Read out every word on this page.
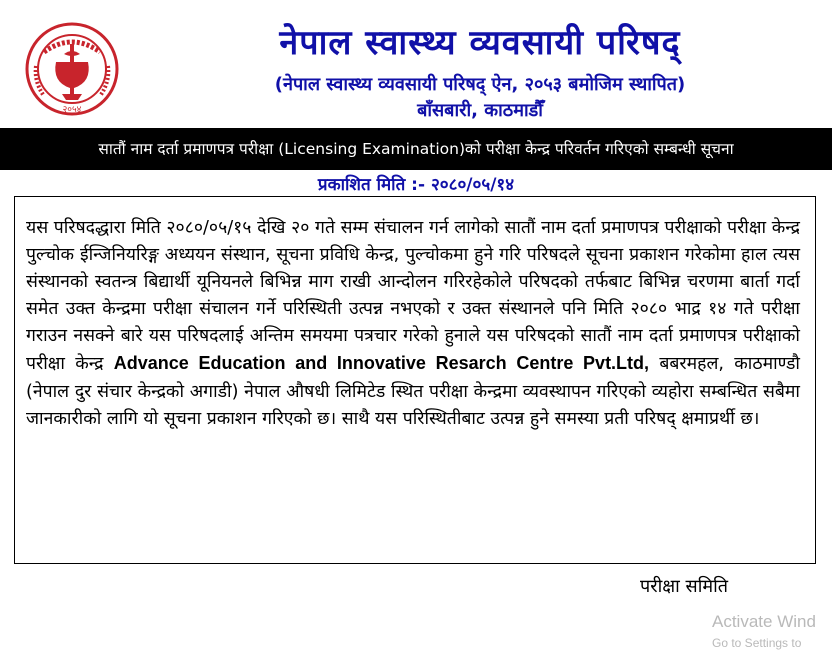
२०५४
नेपाल स्वास्थ्य व्यवसायी परिषद्
(नेपाल स्वास्थ्य व्यवसायी परिषद् ऐन, २०५३ बमोजिम स्थापित)
बाँसबारी, काठमाडौँ
सातौं नाम दर्ता प्रमाणपत्र परीक्षा (Licensing Examination)को परीक्षा केन्द्र परिवर्तन गरिएको सम्बन्धी सूचना
प्रकाशित मिति :- २०८०/०५/१४
यस परिषदद्धारा मिति २०८०/०५/१५ देखि २० गते सम्म संचालन गर्न लागेको सातौं नाम दर्ता प्रमाणपत्र परीक्षाको परीक्षा केन्द्र पुल्चोक ईन्जिनियरिङ्ग अध्ययन संस्थान, सूचना प्रविधि केन्द्र, पुल्चोकमा हुने गरि परिषदले सूचना प्रकाशन गरेकोमा हाल त्यस संस्थानको स्वतन्त्र बिद्यार्थी यूनियनले बिभिन्न माग राखी आन्दोलन गरिरहेकोले परिषदको तर्फबाट बिभिन्न चरणमा बार्ता गर्दा समेत उक्त केन्द्रमा परीक्षा संचालन गर्ने परिस्थिती उत्पन्न नभएको र उक्त संस्थानले पनि मिति २०८० भाद्र १४ गते परीक्षा गराउन नसक्ने बारे यस परिषदलाई अन्तिम समयमा पत्रचार गरेको हुनाले यस परिषदको सातौं नाम दर्ता प्रमाणपत्र परीक्षाको परीक्षा केन्द्र Advance Education and Innovative Resarch Centre Pvt.Ltd, बबरमहल, काठमाण्डौ (नेपाल दुर संचार केन्द्रको अगाडी) नेपाल औषधी लिमिटेड स्थित परीक्षा केन्द्रमा व्यवस्थापन गरिएको व्यहोरा सम्बन्धित सबैमा जानकारीको लागि यो सूचना प्रकाशन गरिएको छ। साथै यस परिस्थितीबाट उत्पन्न हुने समस्या प्रती परिषद् क्षमाप्रर्थी छ।
परीक्षा समिति
Activate Wind
Go to Settings to
